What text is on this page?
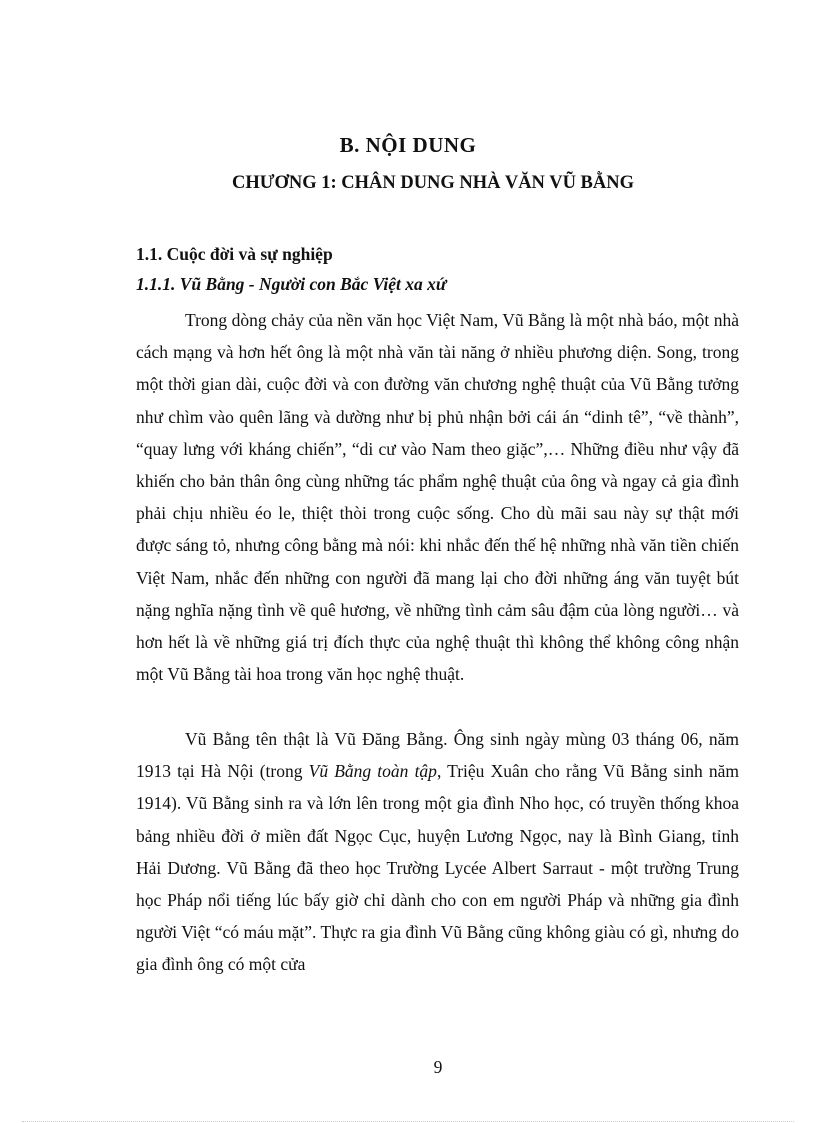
B. NỘI DUNG
CHƯƠNG 1: CHÂN DUNG NHÀ VĂN VŨ BẰNG
1.1. Cuộc đời và sự nghiệp
1.1.1. Vũ Bằng - Người con Bắc Việt xa xứ

Trong dòng chảy của nền văn học Việt Nam, Vũ Bằng là một nhà báo, một nhà cách mạng và hơn hết ông là một nhà văn tài năng ở nhiều phương diện. Song, trong một thời gian dài, cuộc đời và con đường văn chương nghệ thuật của Vũ Bằng tưởng như chìm vào quên lãng và dường như bị phủ nhận bởi cái án “dinh tê”, “về thành”, “quay lưng với kháng chiến”, “di cư vào Nam theo giặc”,… Những điều như vậy đã khiến cho bản thân ông cùng những tác phẩm nghệ thuật của ông và ngay cả gia đình phải chịu nhiều éo le, thiệt thòi trong cuộc sống. Cho dù mãi sau này sự thật mới được sáng tỏ, nhưng công bằng mà nói: khi nhắc đến thế hệ những nhà văn tiền chiến Việt Nam, nhắc đến những con người đã mang lại cho đời những áng văn tuyệt bút nặng nghĩa nặng tình về quê hương, về những tình cảm sâu đậm của lòng người… và hơn hết là về những giá trị đích thực của nghệ thuật thì không thể không công nhận một Vũ Bằng tài hoa trong văn học nghệ thuật.

Vũ Bằng tên thật là Vũ Đăng Bằng. Ông sinh ngày mùng 03 tháng 06, năm 1913 tại Hà Nội (trong Vũ Bằng toàn tập, Triệu Xuân cho rằng Vũ Bằng sinh năm 1914). Vũ Bằng sinh ra và lớn lên trong một gia đình Nho học, có truyền thống khoa bảng nhiều đời ở miền đất Ngọc Cục, huyện Lương Ngọc, nay là Bình Giang, tỉnh Hải Dương. Vũ Bằng đã theo học Trường Lycée Albert Sarraut - một trường Trung học Pháp nổi tiếng lúc bấy giờ chỉ dành cho con em người Pháp và những gia đình người Việt “có máu mặt”. Thực ra gia đình Vũ Bằng cũng không giàu có gì, nhưng do gia đình ông có một cửa

9
